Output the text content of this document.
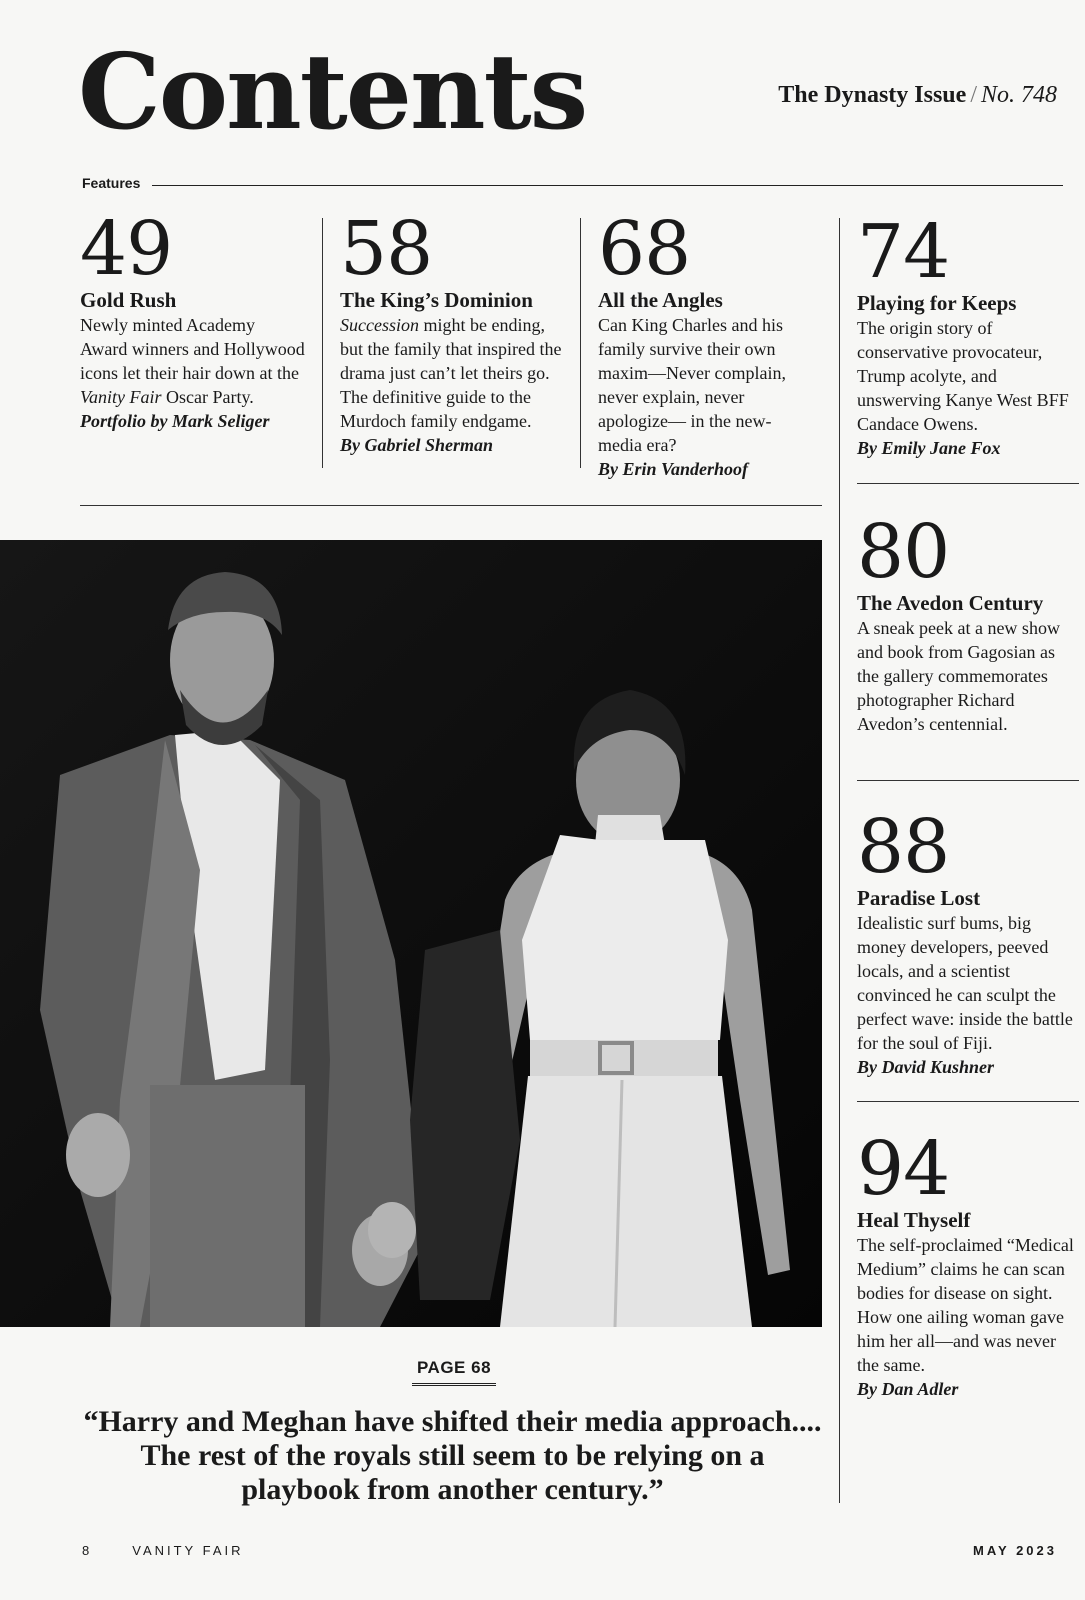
Contents	The Dynasty Issue / No. 748
Features
49
Gold Rush
Newly minted Academy Award winners and Hollywood icons let their hair down at the Vanity Fair Oscar Party.
Portfolio by Mark Seliger
58
The King’s Dominion
Succession might be ending, but the family that inspired the drama just can’t let theirs go. The definitive guide to the Murdoch family endgame.
By Gabriel Sherman
68
All the Angles
Can King Charles and his family survive their own maxim—Never complain, never explain, never apologize— in the new-media era?
By Erin Vanderhoof
74
Playing for Keeps
The origin story of conservative provocateur, Trump acolyte, and unswerving Kanye West BFF Candace Owens.
By Emily Jane Fox
80
The Avedon Century
A sneak peek at a new show and book from Gagosian as the gallery commemorates photographer Richard Avedon’s centennial.
88
Paradise Lost
Idealistic surf bums, big money developers, peeved locals, and a scientist convinced he can sculpt the perfect wave: inside the battle for the soul of Fiji.
By David Kushner
94
Heal Thyself
The self-proclaimed “Medical Medium” claims he can scan bodies for disease on sight. How one ailing woman gave him her all—and was never the same.
By Dan Adler
PAGE 68
“Harry and Meghan have shifted their media approach.... The rest of the royals still seem to be relying on a playbook from another century.”
8	VANITY FAIR	MAY 2023
